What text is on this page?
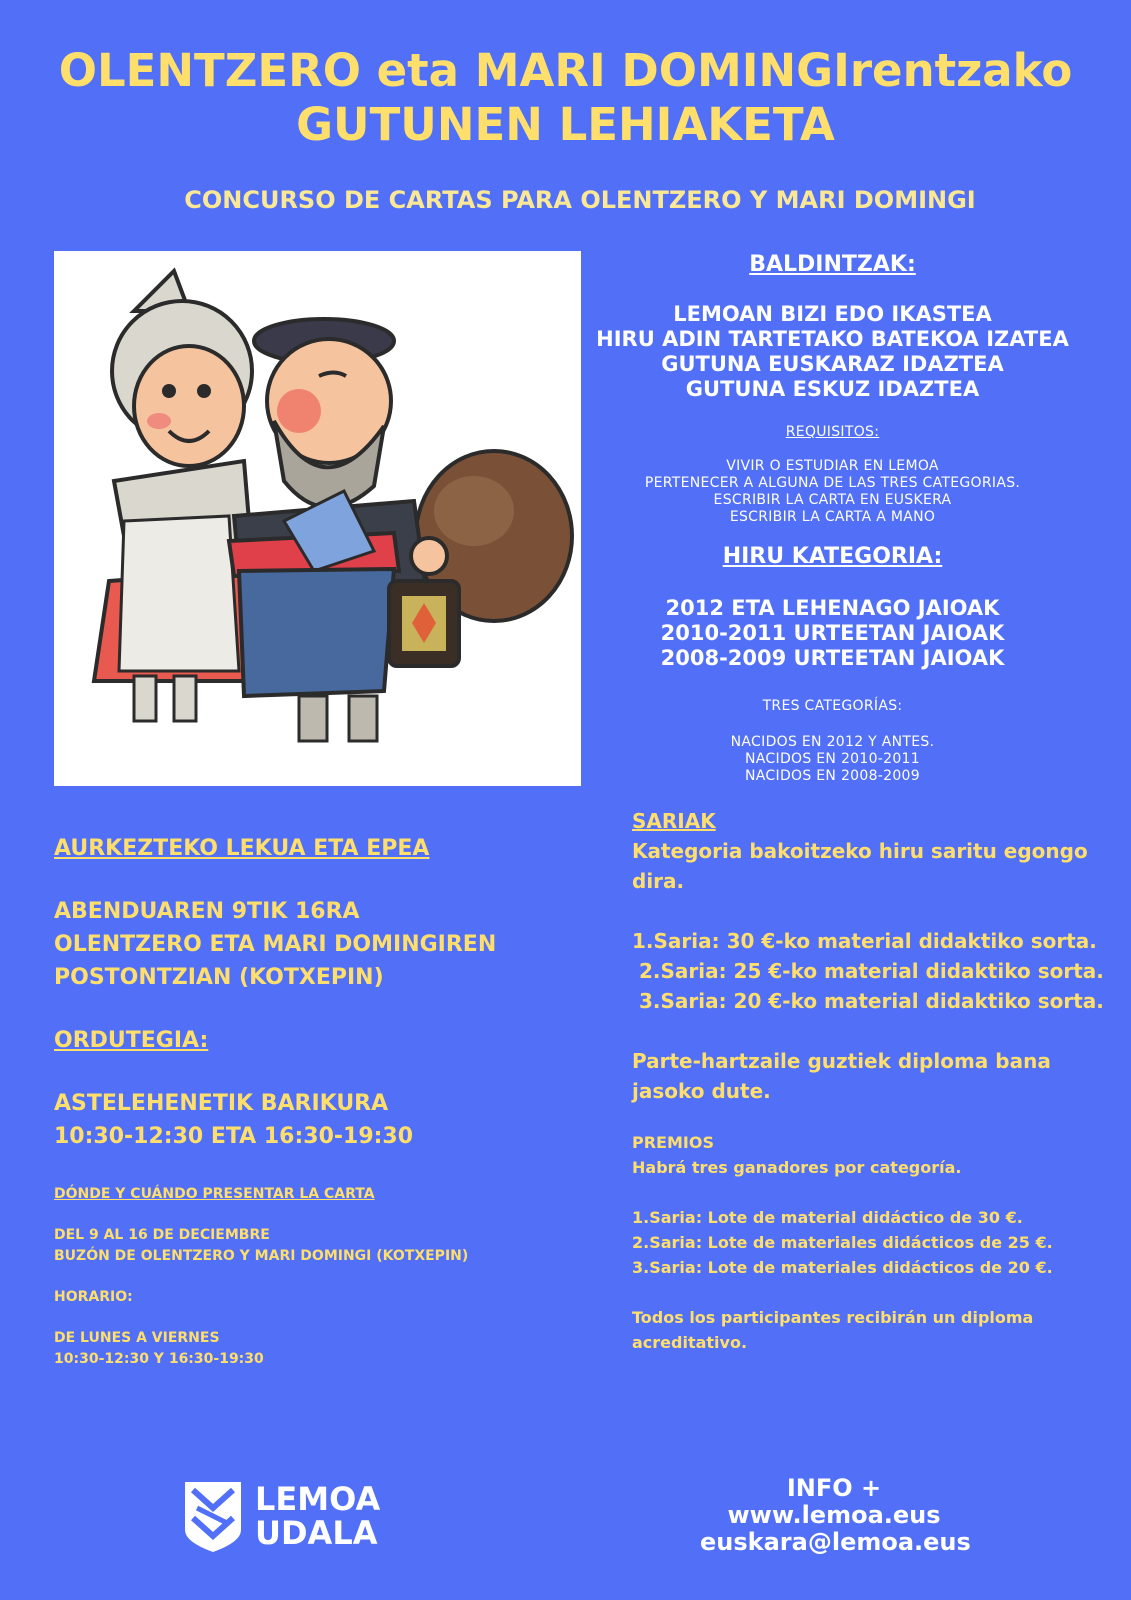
OLENTZERO eta MARI DOMINGIrentzako
GUTUNEN LEHIAKETA
CONCURSO DE CARTAS PARA OLENTZERO Y MARI DOMINGI
BALDINTZAK:
LEMOAN BIZI EDO IKASTEA
HIRU ADIN TARTETAKO BATEKOA IZATEA
GUTUNA EUSKARAZ IDAZTEA
GUTUNA ESKUZ IDAZTEA
REQUISITOS:
VIVIR O ESTUDIAR EN LEMOA
PERTENECER A ALGUNA DE LAS TRES CATEGORIAS.
ESCRIBIR LA CARTA EN EUSKERA
ESCRIBIR LA CARTA A MANO
HIRU KATEGORIA:
2012 ETA LEHENAGO JAIOAK
2010-2011 URTEETAN JAIOAK
2008-2009 URTEETAN JAIOAK
TRES CATEGORÍAS:
NACIDOS EN 2012 Y ANTES.
NACIDOS EN 2010-2011
NACIDOS EN 2008-2009
AURKEZTEKO LEKUA ETA EPEA
ABENDUAREN 9TIK 16RA
OLENTZERO ETA MARI DOMINGIREN
POSTONTZIAN (KOTXEPIN)
ORDUTEGIA:
ASTELEHENETIK BARIKURA
10:30-12:30 ETA 16:30-19:30
DÓNDE Y CUÁNDO PRESENTAR LA CARTA
DEL 9 AL 16 DE DECIEMBRE
BUZÓN DE OLENTZERO Y MARI DOMINGI (KOTXEPIN)
HORARIO:
DE LUNES A VIERNES
10:30-12:30 Y 16:30-19:30
SARIAK
Kategoria bakoitzeko hiru saritu egongo dira.
1.Saria: 30 €-ko material didaktiko sorta.
2.Saria: 25 €-ko material didaktiko sorta.
3.Saria: 20 €-ko material didaktiko sorta.
Parte-hartzaile guztiek diploma bana jasoko dute.
PREMIOS
Habrá tres ganadores por categoría.
1.Saria: Lote de material didáctico de 30 €.
2.Saria: Lote de materiales didácticos de 25 €.
3.Saria: Lote de materiales didácticos de 20 €.
Todos los participantes recibirán un diploma acreditativo.
LEMOA
UDALA
INFO +
www.lemoa.eus
euskara@lemoa.eus
